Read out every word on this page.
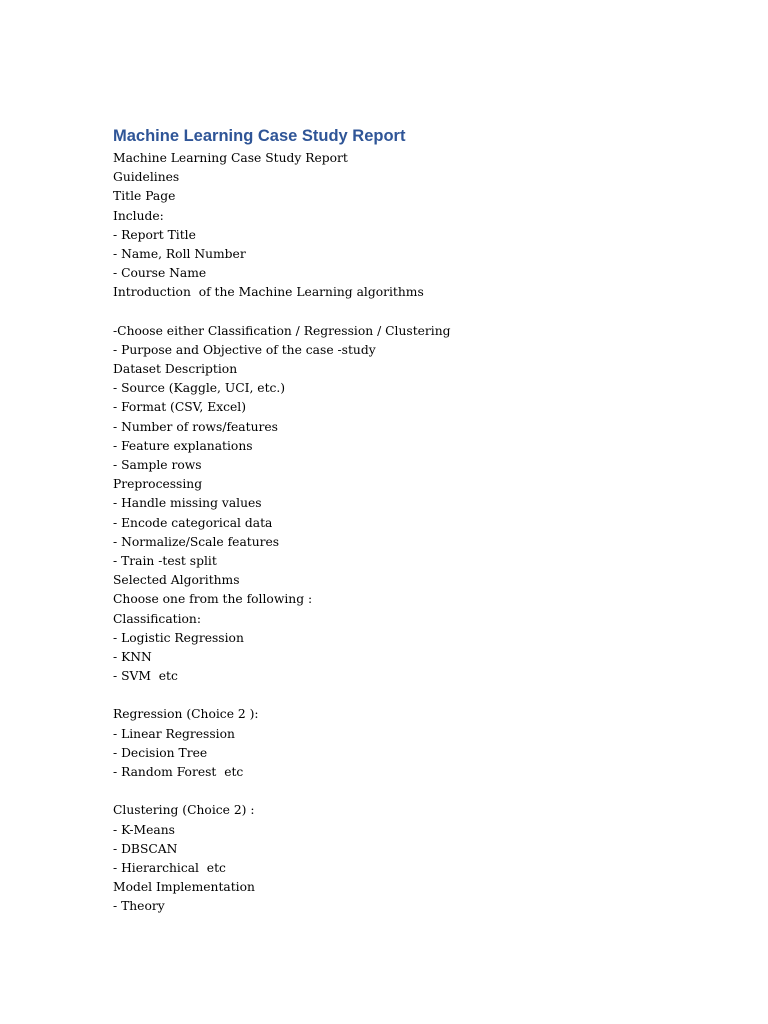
Machine Learning Case Study Report
Machine Learning Case Study Report
Guidelines
Title Page
Include:
- Report Title
- Name, Roll Number
- Course Name
Introduction  of the Machine Learning algorithms
-Choose either Classification / Regression / Clustering
- Purpose and Objective of the case -study
Dataset Description
- Source (Kaggle, UCI, etc.)
- Format (CSV, Excel)
- Number of rows/features
- Feature explanations
- Sample rows
Preprocessing
- Handle missing values
- Encode categorical data
- Normalize/Scale features
- Train -test split
Selected Algorithms
Choose one from the following :
Classification:
- Logistic Regression
- KNN
- SVM  etc
Regression (Choice 2 ):
- Linear Regression
- Decision Tree
- Random Forest  etc
Clustering (Choice 2) :
- K-Means
- DBSCAN
- Hierarchical  etc
Model Implementation
- Theory
